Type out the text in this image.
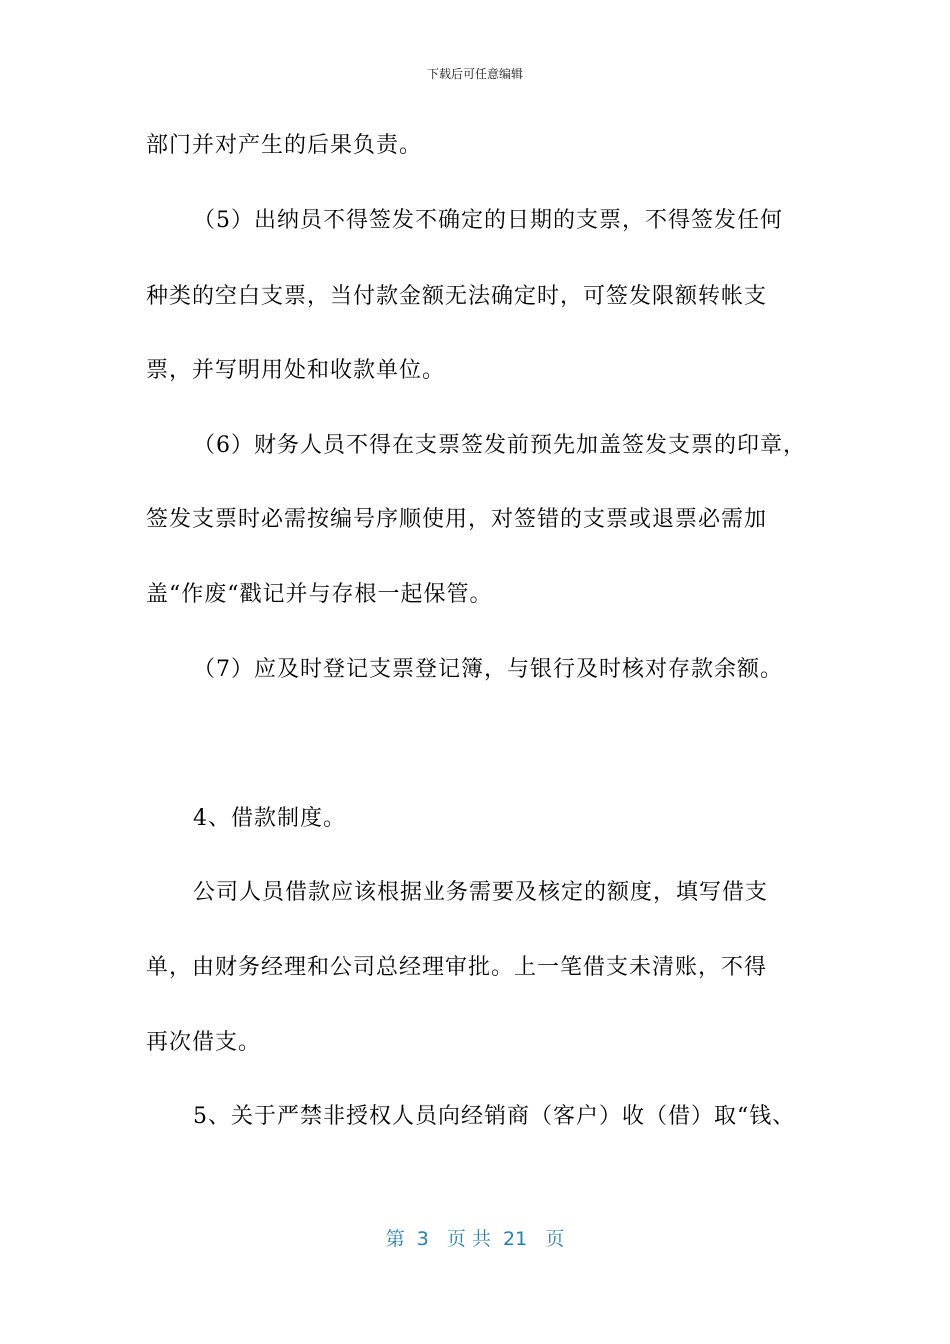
下载后可任意编辑
部门并对产生的后果负责。
（5）出纳员不得签发不确定的日期的支票，不得签发任何
种类的空白支票，当付款金额无法确定时，可签发限额转帐支
票，并写明用处和收款单位。
（6）财务人员不得在支票签发前预先加盖签发支票的印章，
签发支票时必需按编号序顺使用，对签错的支票或退票必需加
盖“作废“戳记并与存根一起保管。
（7）应及时登记支票登记簿，与银行及时核对存款余额。
4、借款制度。
公司人员借款应该根据业务需要及核定的额度，填写借支
单，由财务经理和公司总经理审批。上一笔借支未清账，不得
再次借支。
5、关于严禁非授权人员向经销商（客户）收（借）取“钱、
第  3   页 共  21   页
